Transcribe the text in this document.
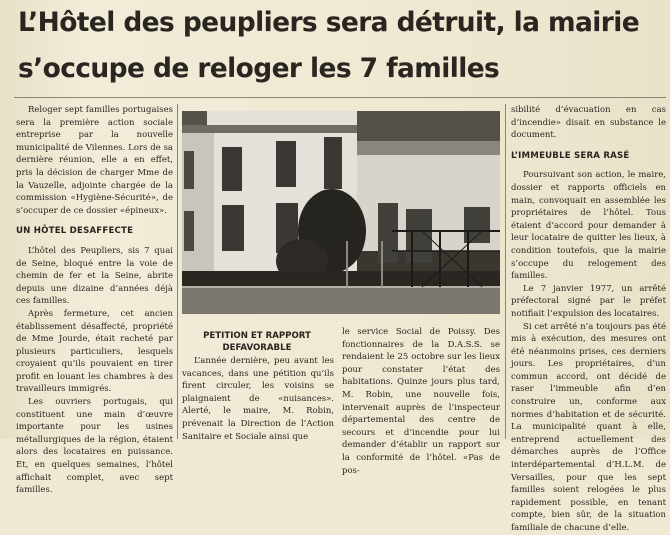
L’Hôtel des peupliers sera détruit, la mairie
s’occupe de reloger les 7 familles

Reloger sept familles portugaises sera la première action sociale entreprise par la nouvelle municipalité de Vilennes. Lors de sa dernière réunion, elle a en effet, pris la décision de charger Mme de la Vauzelle, adjointe chargée de la commission «Hygiène-Sécurité», de s’occuper de ce dossier «épineux».

UN HÔTEL DESAFFECTE

L’hôtel des Peupliers, sis 7 quai de Seine, bloqué entre la voie de chemin de fer et la Seine, abrite depuis une dizaine d’années déjà ces familles.

Après fermeture, cet ancien établissement désaffecté, propriété de Mme Jourde, était racheté par plusieurs particuliers, lesquels croyaient qu’ils pouvaient en tirer profit en louant les chambres à des travailleurs immigrés.

Les ouvriers portugais, qui constituent une main d’œuvre importante pour les usines métallurgiques de la région, étaient alors des locataires en puissance. Et, en quelques semaines, l’hôtel affichait complet, avec sept familles.

PETITION ET RAPPORT
DEFAVORABLE

L’année dernière, peu avant les vacances, dans une pétition qu’ils firent circuler, les voisins se plaignaient de «nuisances». Alerté, le maire, M. Robin, prévenait la Direction de l’Action Sanitaire et Sociale ainsi que

le service Social de Poissy. Des fonctionnaires de la D.A.S.S. se rendaient le 25 octobre sur les lieux pour constater l’état des habitations. Quinze jours plus tard, M. Robin, une nouvelle fois, intervenait auprès de l’inspecteur départemental des centre de secours et d’incendie pour lui demander d’établir un rapport sur la conformité de l’hôtel. «Pas de pos-

sibilité d’évacuation en cas d’incendie» disait en substance le document.

L’IMMEUBLE SERA RASÉ

Poursuivant son action, le maire, dossier et rapports officiels en main, convoquait en assemblée les propriétaires de l’hôtel. Tous étaient d’accord pour demander à leur locataire de quitter les lieux, à condition toutefois, que la mairie s’occupe du relogement des familles.

Le 7 janvier 1977, un arrêté préfectoral signé par le préfet notifiait l’expulsion des locataires.

Si cet arrêté n’a toujours pas été mis à exécution, des mesures ont été néanmoins prises, ces derniers jours. Les propriétaires, d’un commun accord, ont décidé de raser l’immeuble afin d’en construire un, conforme aux normes d’habitation et de sécurité. La municipalité quant à elle, entreprend actuellement des démarches auprès de l’Office interdépartemental d’H.L.M. de Versailles, pour que les sept familles soient relogées le plus rapidement possible, en tenant compte, bien sûr, de la situation familiale de chacune d’elle.
